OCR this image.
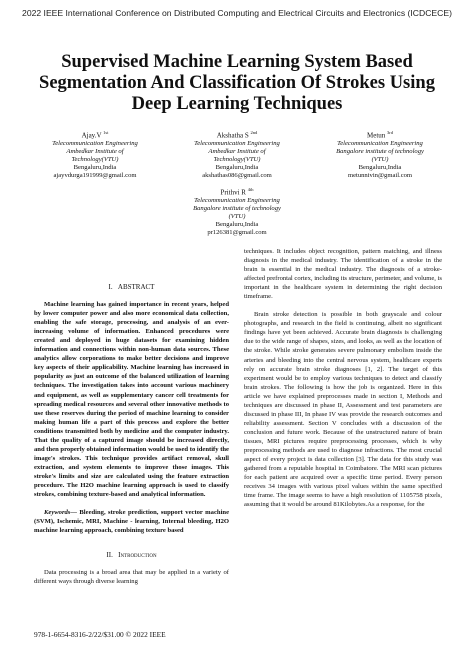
2022 IEEE International Conference on Distributed Computing and Electrical Circuits and Electronics (ICDCECE)
Supervised Machine Learning System Based Segmentation And Classification Of Strokes Using Deep Learning Techniques
Ajay.V $^{1st}$
Telecommunication Engineering
Ambedkar Institute of
Technology(VTU)
Bengaluru,India
ajayvdurga191999@gmail.com
Akshatha S $^{2nd}$
Telecommunication Engineering
Ambedkar Institute of
Technology(VTU)
Bengaluru,India
akshathas086@gmail.com
Metun $^{3rd}$
Telecommunication Engineering
Bangalore institute of technology
(VTU)
Bengaluru,India
metunnivin@gmail.com
Prithvi R $^{4th}$
Telecommunication Engineering
Bangalore institute of technology
(VTU)
Bengaluru,India
pr126381@gmail.com
I. ABSTRACT

Machine learning has gained importance in recent years, helped by lower computer power and also more economical data collection, enabling the safe storage, processing, and analysis of an ever-increasing volume of information. Enhanced procedures were created and deployed in huge datasets for examining hidden information and connections within non-human data sources. These analytics allow corporations to make better decisions and improve key aspects of their applicability. Machine learning has increased in popularity as just an outcome of the balanced utilization of learning techniques. The investigation takes into account various machinery and equipment, as well as supplementary cancer cell treatments for spreading medical resources and several other innovative methods to use these reserves during the period of machine learning to consider making human life a part of this process and explore the better conditions transmitted both by medicine and the computer industry. That the quality of a captured image should be increased directly, and then properly obtained information would be used to identify the image's strokes. This technique provides artifact removal, skull extraction, and system elements to improve those images. This stroke's limits and size are calculated using the feature extraction procedure. The H2O machine learning approach is used to classify strokes, combining texture-based and analytical information.

Keywords— Bleeding, stroke prediction, support vector machine (SVM), Ischemic, MRI, Machine - learning, Internal bleeding, H2O machine learning approach, combining texture based

II. Introduction

Data processing is a broad area that may be applied in a variety of different ways through diverse learning

techniques. It includes object recognition, pattern matching, and illness diagnosis in the medical industry. The identification of a stroke in the brain is essential in the medical industry. The diagnosis of a stroke-affected prefrontal cortex, including its structure, perimeter, and volume, is important in the healthcare system in determining the right decision timeframe.

Brain stroke detection is possible in both grayscale and colour photographs, and research in the field is continuing, albeit no significant findings have yet been achieved. Accurate brain diagnosis is challenging due to the wide range of shapes, sizes, and looks, as well as the location of the stroke. While stroke generates severe pulmonary embolism inside the arteries and bleeding into the central nervous system, healthcare experts rely on accurate brain stroke diagnoses [1, 2]. The target of this experiment would be to employ various techniques to detect and classify brain strokes. The following is how the job is organized. Here in this article we have explained preprocesses made in section I, Methods and techniques are discussed in phase II, Assessment and test parameters are discussed in phase III, In phase IV was provide the research outcomes and reliability assessment. Section V concludes with a discussion of the conclusion and future work. Because of the unstructured nature of brain tissues, MRI pictures require preprocessing processes, which is why preprocessing methods are used to diagnose infractions. The most crucial aspect of every project is data collection [3]. The data for this study was gathered from a reputable hospital in Coimbatore. The MRI scan pictures for each patient are acquired over a specific time period. Every person receives 34 images with various pixel values within the same specified time frame. The image seems to have a high resolution of 1105758 pixels, assuming that it would be around 81Kilobytes.As a response, for the

978-1-6654-8316-2/22/$31.00 © 2022 IEEE
